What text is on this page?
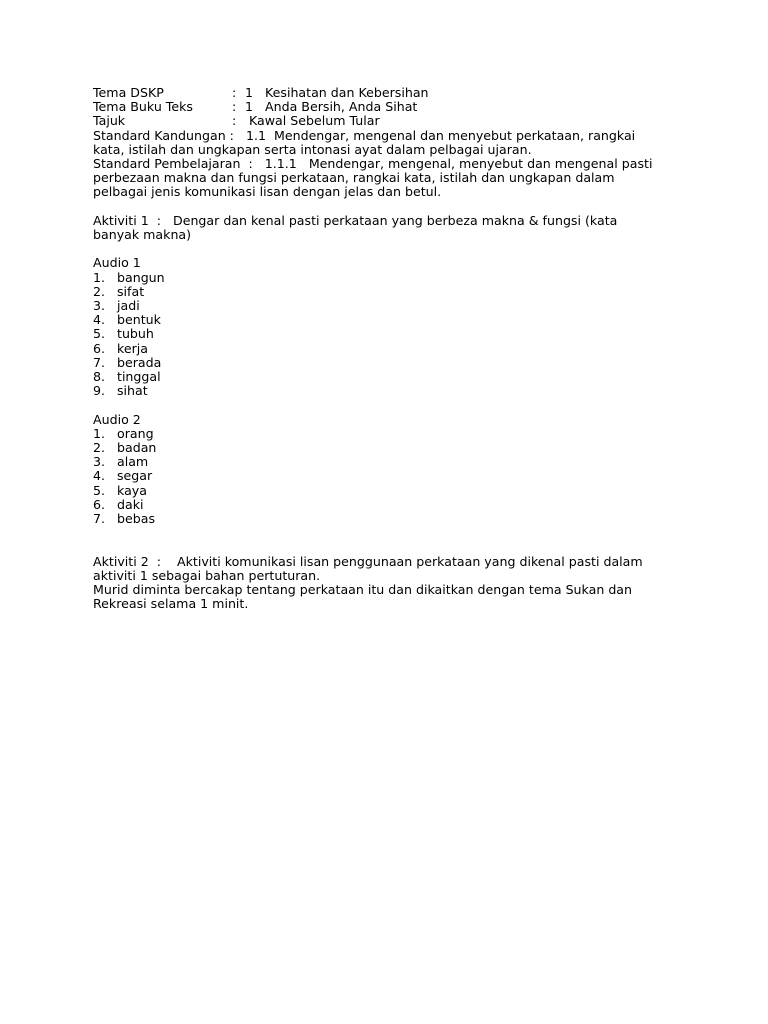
Tema DSKP	: 1 Kesihatan dan Kebersihan
Tema Buku Teks	: 1 Anda Bersih, Anda Sihat
Tajuk	:	Kawal Sebelum Tular
Standard Kandungan :   1.1  Mendengar, mengenal dan menyebut perkataan, rangkai
kata, istilah dan ungkapan serta intonasi ayat dalam pelbagai ujaran.
Standard Pembelajaran  :   1.1.1   Mendengar, mengenal, menyebut dan mengenal pasti
perbezaan makna dan fungsi perkataan, rangkai kata, istilah dan ungkapan dalam
pelbagai jenis komunikasi lisan dengan jelas dan betul.
Aktiviti 1  :   Dengar dan kenal pasti perkataan yang berbeza makna & fungsi (kata
banyak makna)
Audio 1
1. bangun
2. sifat
3. jadi
4. bentuk
5. tubuh
6. kerja
7. berada
8. tinggal
9. sihat
Audio 2
1. orang
2. badan
3. alam
4. segar
5. kaya
6. daki
7. bebas
Aktiviti 2  :    Aktiviti komunikasi lisan penggunaan perkataan yang dikenal pasti dalam
aktiviti 1 sebagai bahan pertuturan.
Murid diminta bercakap tentang perkataan itu dan dikaitkan dengan tema Sukan dan
Rekreasi selama 1 minit.
